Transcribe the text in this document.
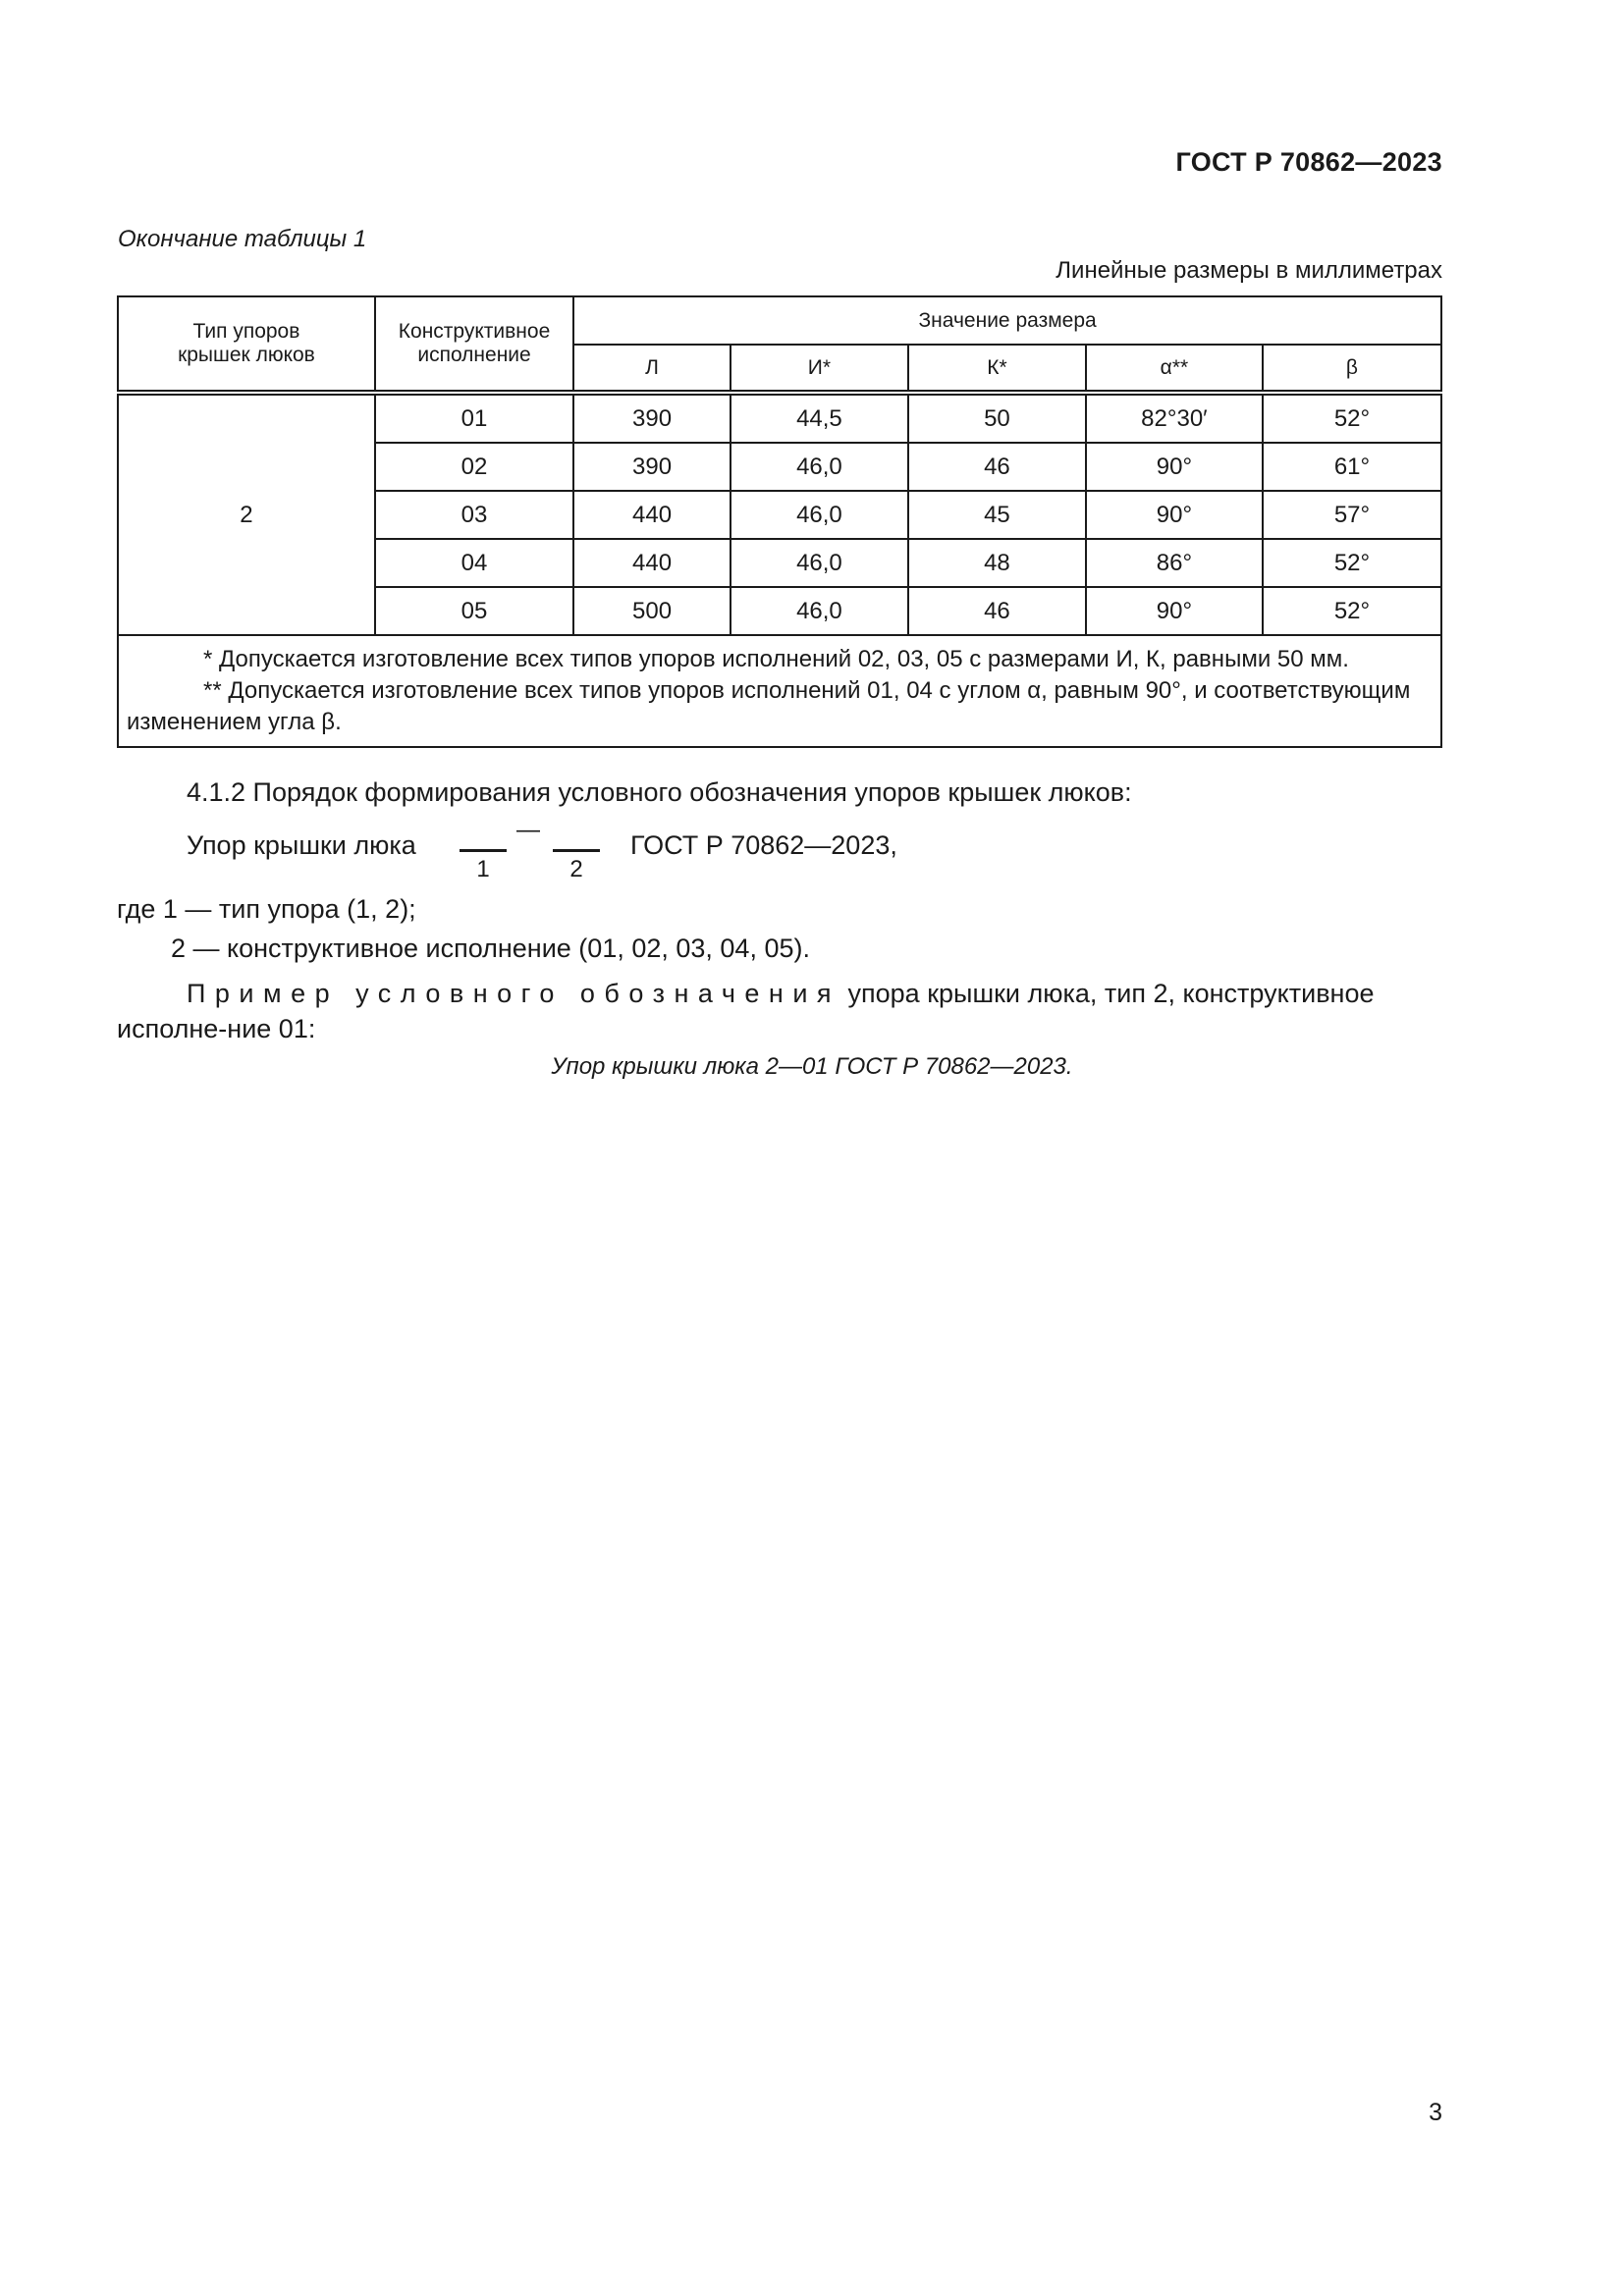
ГОСТ Р 70862—2023
Окончание таблицы 1
Линейные размеры в миллиметрах
Тип упоров крышек люков	Конструктивное исполнение	Значение размера				
		Л	И*	К*	α**	β
2	01	390	44,5	50	82°30′	52°
	02	390	46,0	46	90°	61°
	03	440	46,0	45	90°	57°
	04	440	46,0	48	86°	52°
	05	500	46,0	46	90°	52°

* Допускается изготовление всех типов упоров исполнений 02, 03, 05 с размерами И, К, равными 50 мм.
** Допускается изготовление всех типов упоров исполнений 01, 04 с углом α, равным 90°, и соответствующим изменением угла β.						
4.1.2 Порядок формирования условного обозначения упоров крышек люков:
Упор крышки люка
1
—
2
ГОСТ Р 70862—2023,
где 1 — тип упора (1, 2);
2 — конструктивное исполнение (01, 02, 03, 04, 05).
Пример условного обозначения упора крышки люка, тип 2, конструктивное исполне-ние 01:
Упор крышки люка 2—01 ГОСТ Р 70862—2023.
3
